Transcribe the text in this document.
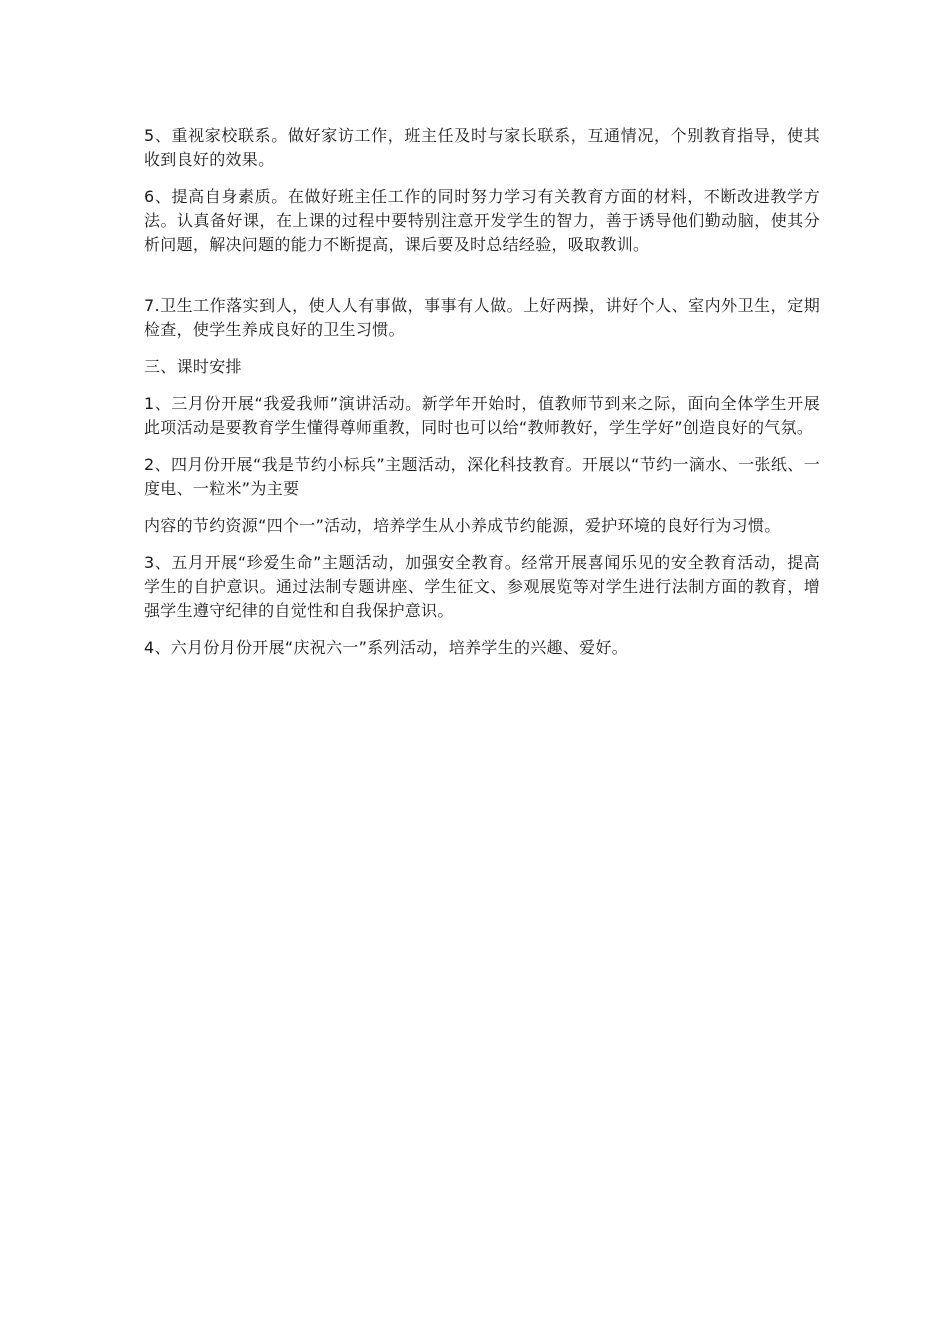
5、重视家校联系。做好家访工作，班主任及时与家长联系，互通情况，个别教育指导，使其收到良好的效果。

6、提高自身素质。在做好班主任工作的同时努力学习有关教育方面的材料，不断改进教学方法。认真备好课，在上课的过程中要特别注意开发学生的智力，善于诱导他们勤动脑，使其分析问题，解决问题的能力不断提高，课后要及时总结经验，吸取教训。

7.卫生工作落实到人，使人人有事做，事事有人做。上好两操，讲好个人、室内外卫生，定期检查，使学生养成良好的卫生习惯。

三、课时安排

1、三月份开展“我爱我师”演讲活动。新学年开始时，值教师节到来之际，面向全体学生开展此项活动是要教育学生懂得尊师重教，同时也可以给“教师教好，学生学好”创造良好的气氛。

2、四月份开展“我是节约小标兵”主题活动，深化科技教育。开展以“节约一滴水、一张纸、一度电、一粒米”为主要

内容的节约资源“四个一”活动，培养学生从小养成节约能源，爱护环境的良好行为习惯。

3、五月开展“珍爱生命”主题活动，加强安全教育。经常开展喜闻乐见的安全教育活动，提高学生的自护意识。通过法制专题讲座、学生征文、参观展览等对学生进行法制方面的教育，增强学生遵守纪律的自觉性和自我保护意识。

4、六月份月份开展“庆祝六一”系列活动，培养学生的兴趣、爱好。
